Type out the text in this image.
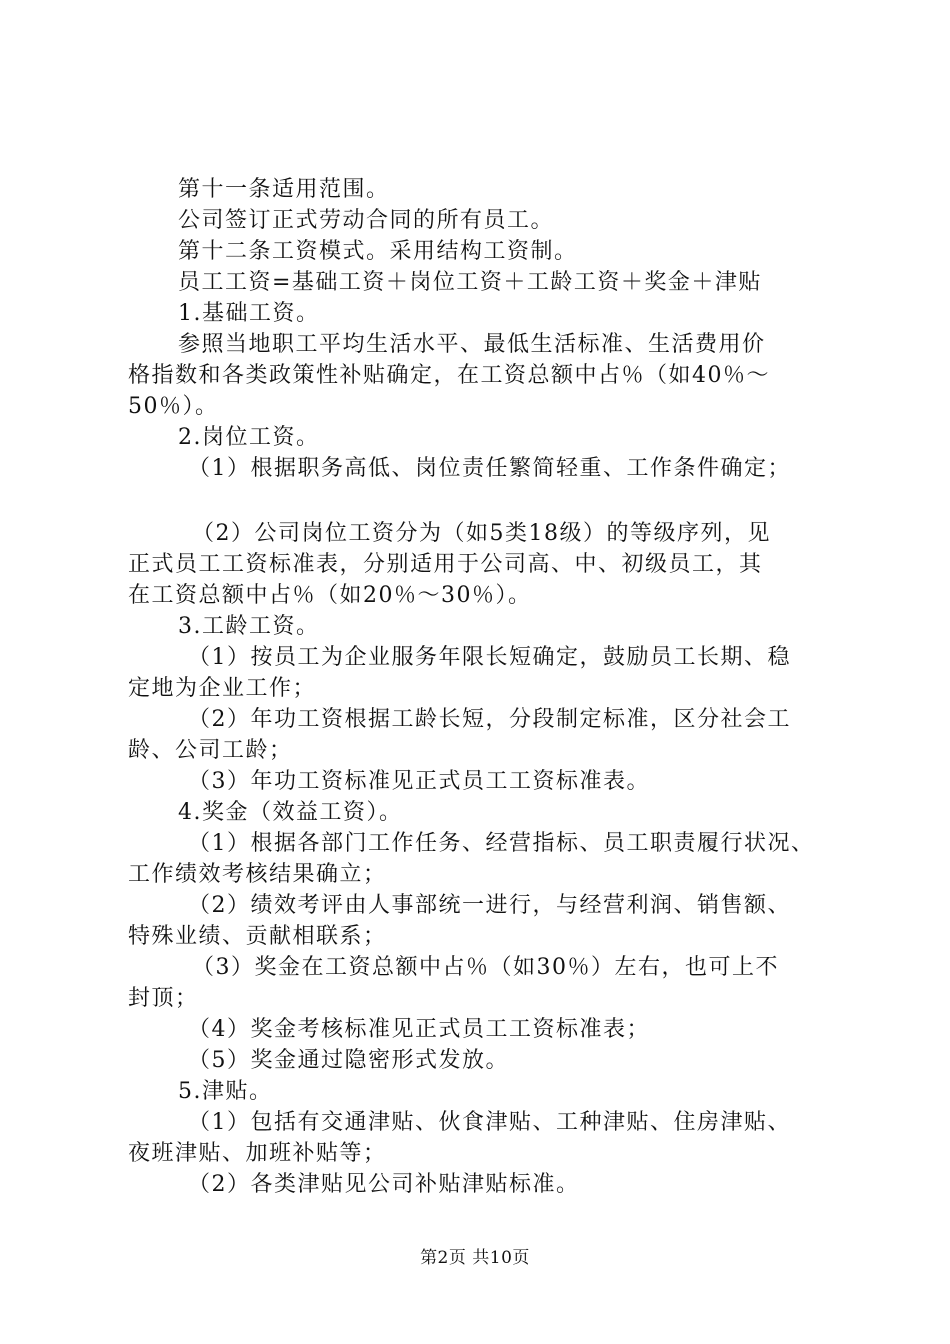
第十一条适用范围。
公司签订正式劳动合同的所有员工。
第十二条工资模式。采用结构工资制。
员工工资=基础工资＋岗位工资＋工龄工资＋奖金＋津贴
1.基础工资。
参照当地职工平均生活水平、最低生活标准、生活费用价
格指数和各类政策性补贴确定，在工资总额中占％（如40％～
50％）。
2.岗位工资。
（1）根据职务高低、岗位责任繁简轻重、工作条件确定；
（2）公司岗位工资分为（如5类18级）的等级序列，见
正式员工工资标准表，分别适用于公司高、中、初级员工，其
在工资总额中占％（如20％～30％）。
3.工龄工资。
（1）按员工为企业服务年限长短确定，鼓励员工长期、稳
定地为企业工作；
（2）年功工资根据工龄长短，分段制定标准，区分社会工
龄、公司工龄；
（3）年功工资标准见正式员工工资标准表。
4.奖金（效益工资）。
（1）根据各部门工作任务、经营指标、员工职责履行状况、
工作绩效考核结果确立；
（2）绩效考评由人事部统一进行，与经营利润、销售额、
特殊业绩、贡献相联系；
（3）奖金在工资总额中占％（如30％）左右，也可上不
封顶；
（4）奖金考核标准见正式员工工资标准表；
（5）奖金通过隐密形式发放。
5.津贴。
（1）包括有交通津贴、伙食津贴、工种津贴、住房津贴、
夜班津贴、加班补贴等；
（2）各类津贴见公司补贴津贴标准。
第2页 共10页
